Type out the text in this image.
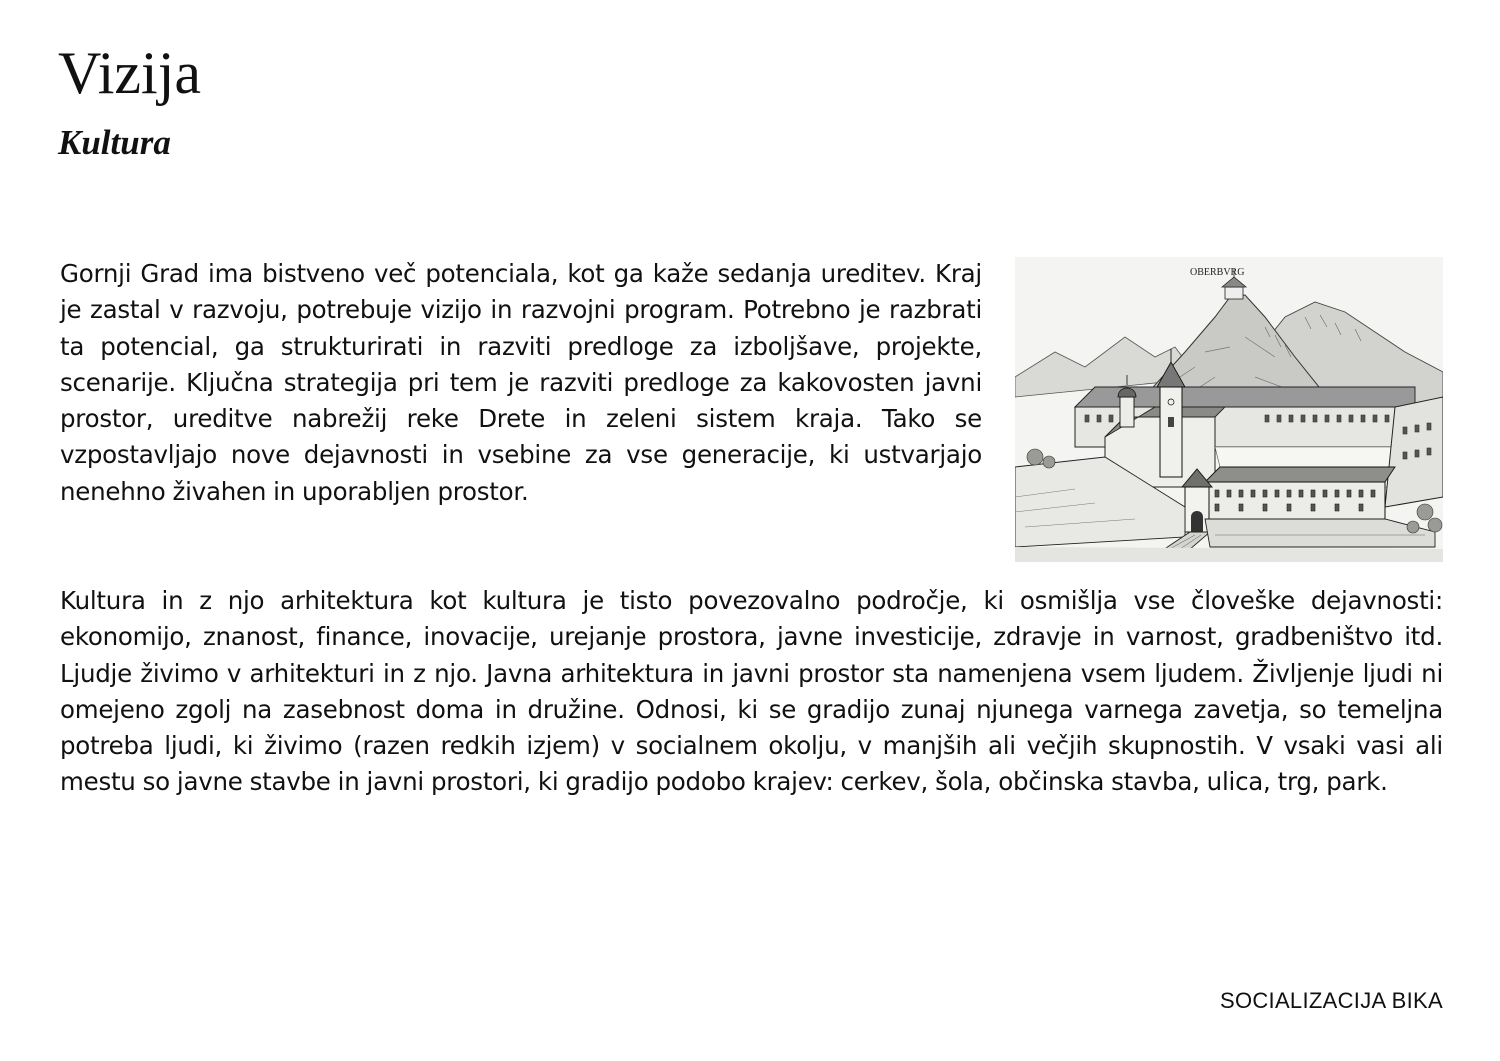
Vizija
Kultura

Gornji Grad ima bistveno več potenciala, kot ga kaže sedanja ureditev. Kraj je zastal v razvoju, potrebuje vizijo in razvojni program. Potrebno je razbrati ta potencial, ga strukturirati in razviti predloge za izboljšave, projekte, scenarije. Ključna strategija pri tem je razviti predloge za kakovosten javni prostor, ureditve nabrežij reke Drete in zeleni sistem kraja. Tako se vzpostavljajo nove dejavnosti in vsebine za vse generacije, ki ustvarjajo nenehno živahen in uporabljen prostor.

OBERBVRG

Kultura in z njo arhitektura kot kultura je tisto povezovalno področje, ki osmišlja vse človeške dejavnosti: ekonomijo, znanost, finance, inovacije, urejanje prostora, javne investicije, zdravje in varnost, gradbeništvo itd. Ljudje živimo v arhitekturi in z njo. Javna arhitektura in javni prostor sta namenjena vsem ljudem. Življenje ljudi ni omejeno zgolj na zasebnost doma in družine. Odnosi, ki se gradijo zunaj njunega varnega zavetja, so temeljna potreba ljudi, ki živimo (razen redkih izjem) v socialnem okolju, v manjših ali večjih skupnostih. V vsaki vasi ali mestu so javne stavbe in javni prostori, ki gradijo podobo krajev: cerkev, šola, občinska stavba, ulica, trg, park.

SOCIALIZACIJA BIKA
